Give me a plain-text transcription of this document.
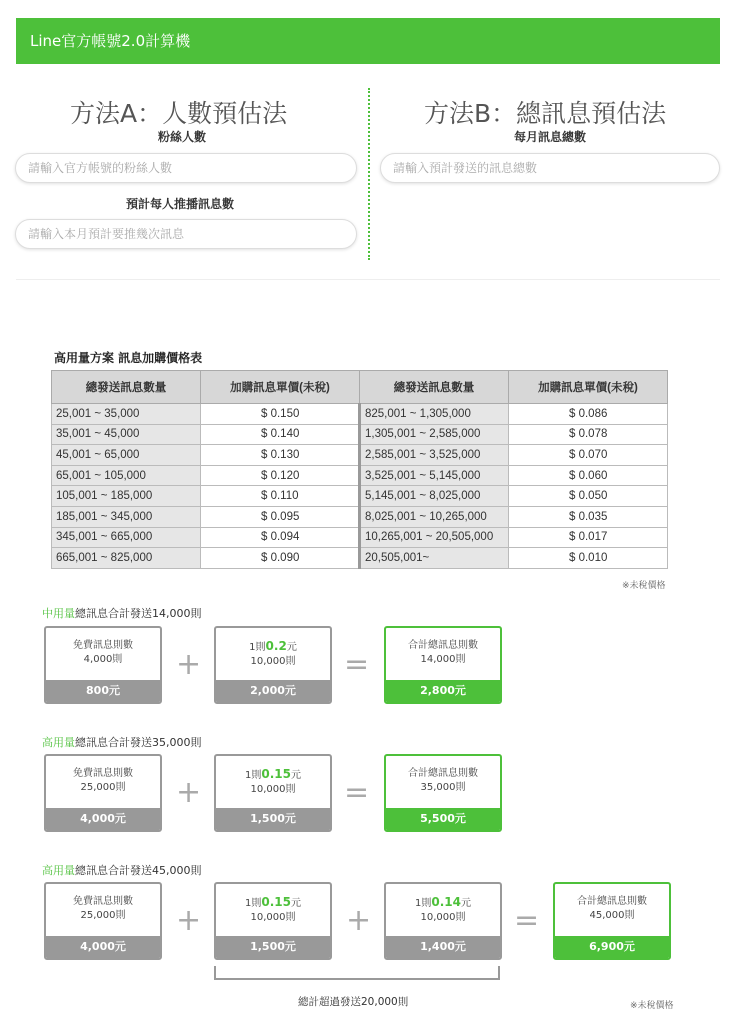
Line官方帳號2.0計算機
方法A：人數預估法
粉絲人數
請輸入官方帳號的粉絲人數
預計每人推播訊息數
請輸入本月預計要推幾次訊息
方法B：總訊息預估法
每月訊息總數
請輸入預計發送的訊息總數
高用量方案 訊息加購價格表
總發送訊息數量	加購訊息單價(未稅)	總發送訊息數量	加購訊息單價(未稅)
25,001 ~ 35,000	$ 0.150	825,001 ~ 1,305,000	$ 0.086
35,001 ~ 45,000	$ 0.140	1,305,001 ~ 2,585,000	$ 0.078
45,001 ~ 65,000	$ 0.130	2,585,001 ~ 3,525,000	$ 0.070
65,001 ~ 105,000	$ 0.120	3,525,001 ~ 5,145,000	$ 0.060
105,001 ~ 185,000	$ 0.110	5,145,001 ~ 8,025,000	$ 0.050
185,001 ~ 345,000	$ 0.095	8,025,001 ~ 10,265,000	$ 0.035
345,001 ~ 665,000	$ 0.094	10,265,001 ~ 20,505,000	$ 0.017
665,001 ~ 825,000	$ 0.090	20,505,001~	$ 0.010
※未稅價格
中用量總訊息合計發送14,000則
免費訊息則數
4,000則
800元
+	1則0.2元
10,000則
2,000元
=
合計總訊息則數
14,000則
2,800元
高用量總訊息合計發送35,000則
免費訊息則數
25,000則
4,000元
+	1則0.15元
10,000則
1,500元
=
合計總訊息則數
35,000則
5,500元
高用量總訊息合計發送45,000則
免費訊息則數
25,000則
4,000元
+	1則0.15元
10,000則
1,500元
+	1則0.14元
10,000則
1,400元
=
合計總訊息則數
45,000則
6,900元
總計超過發送20,000則	※未稅價格
